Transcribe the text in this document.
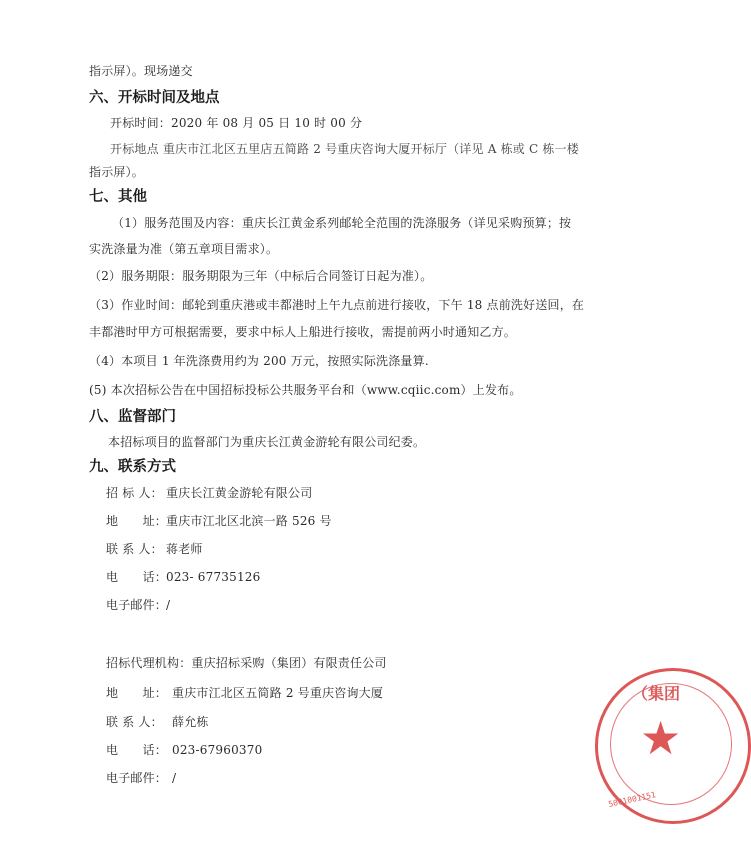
指示屏）。现场递交
六、开标时间及地点
开标时间：2020 年 08 月 05 日 10 时 00 分
开标地点 重庆市江北区五里店五简路 2 号重庆咨询大厦开标厅（详见 A 栋或 C 栋一楼
指示屏）。
七、其他
（1）服务范围及内容：重庆长江黄金系列邮轮全范围的洗涤服务（详见采购预算；按
实洗涤量为准（第五章项目需求）。
（2）服务期限：服务期限为三年（中标后合同签订日起为准）。
（3）作业时间：邮轮到重庆港或丰都港时上午九点前进行接收，下午 18 点前洗好送回，在
丰都港时甲方可根据需要，要求中标人上船进行接收，需提前两小时通知乙方。
（4）本项目 1 年洗涤费用约为 200 万元，按照实际洗涤量算.
(5) 本次招标公告在中国招标投标公共服务平台和（www.cqiic.com）上发布。
八、监督部门
本招标项目的监督部门为重庆长江黄金游轮有限公司纪委。
九、联系方式
招 标 人： 重庆长江黄金游轮有限公司
地　　址：重庆市江北区北滨一路 526 号
联 系 人： 蒋老师
电　　话：023- 67735126
电子邮件：/
招标代理机构：重庆招标采购（集团）有限责任公司
地　　址： 重庆市江北区五简路 2 号重庆咨询大厦
联 系 人： 薛允栋
电　　话： 023-67960370
电子邮件： /
（集团
★
5001001151
